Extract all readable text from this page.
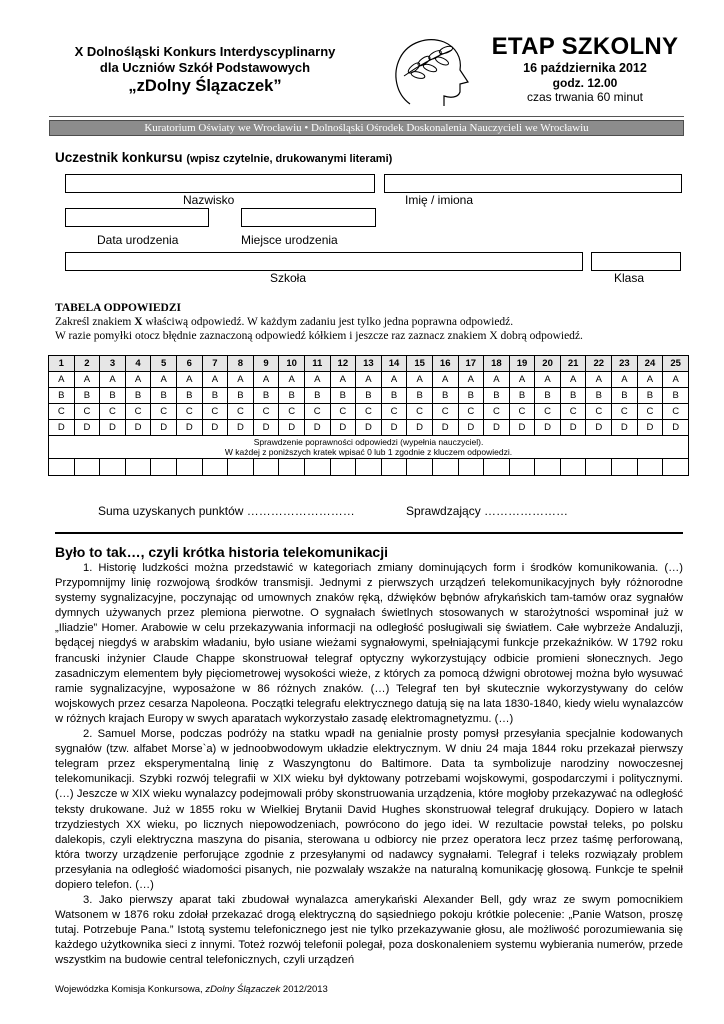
X Dolnośląski Konkurs Interdyscyplinarny
dla Uczniów Szkół Podstawowych
„zDolny Ślązaczek”
ETAP SZKOLNY
16 października 2012
godz. 12.00
czas trwania 60 minut
Kuratorium Oświaty we Wrocławiu • Dolnośląski Ośrodek Doskonalenia Nauczycieli we Wrocławiu
Uczestnik konkursu (wpisz czytelnie, drukowanymi literami)
Nazwisko	Imię / imiona
Data urodzenia	Miejsce urodzenia
Szkoła	Klasa
TABELA ODPOWIEDZI
Zakreśl znakiem X właściwą odpowiedź. W każdym zadaniu jest tylko jedna poprawna odpowiedź.
W razie pomyłki otocz błędnie zaznaczoną odpowiedź kółkiem i jeszcze raz zaznacz znakiem X dobrą odpowiedź.
1	2	3	4	5	6	7	8	9	10	11	12	13	14	15	16	17	18	19	20	21	22	23	24	25
A	A	A	A	A	A	A	A	A	A	A	A	A	A	A	A	A	A	A	A	A	A	A	A	A
B	B	B	B	B	B	B	B	B	B	B	B	B	B	B	B	B	B	B	B	B	B	B	B	B
C	C	C	C	C	C	C	C	C	C	C	C	C	C	C	C	C	C	C	C	C	C	C	C	C
D	D	D	D	D	D	D	D	D	D	D	D	D	D	D	D	D	D	D	D	D	D	D	D	D

Sprawdzenie poprawności odpowiedzi (wypełnia nauczyciel).
W każdej z poniższych kratek wpisać 0 lub 1 zgodnie z kluczem odpowiedzi.																								

Suma uzyskanych punktów ………………………	Sprawdzający …………………
Było to tak…, czyli krótka historia telekomunikacji

1. Historię ludzkości można przedstawić w kategoriach zmiany dominujących form i środków komunikowania. (…) Przypomnijmy linię rozwojową środków transmisji. Jednymi z pierwszych urządzeń telekomunikacyjnych były różnorodne systemy sygnalizacyjne, poczynając od umownych znaków ręką, dźwięków bębnów afrykańskich tam-tamów oraz sygnałów dymnych używanych przez plemiona pierwotne. O sygnałach świetlnych stosowanych w starożytności wspominał już w „Iliadzie” Homer. Arabowie w celu przekazywania informacji na odległość posługiwali się światłem. Całe wybrzeże Andaluzji, będącej niegdyś w arabskim władaniu, było usiane wieżami sygnałowymi, spełniającymi funkcje przekaźników. W 1792 roku francuski inżynier Claude Chappe skonstruował telegraf optyczny wykorzystujący odbicie promieni słonecznych. Jego zasadniczym elementem były pięciometrowej wysokości wieże, z których za pomocą dźwigni obrotowej można było wysuwać ramie sygnalizacyjne, wyposażone w 86 różnych znaków. (…) Telegraf ten był skutecznie wykorzystywany do celów wojskowych przez cesarza Napoleona. Początki telegrafu elektrycznego datują się na lata 1830-1840, kiedy wielu wynalazców w różnych krajach Europy w swych aparatach wykorzystało zasadę elektromagnetyzmu. (…)

2. Samuel Morse, podczas podróży na statku wpadł na genialnie prosty pomysł przesyłania specjalnie kodowanych sygnałów (tzw. alfabet Morse`a) w jednoobwodowym układzie elektrycznym. W dniu 24 maja 1844 roku przekazał pierwszy telegram przez eksperymentalną linię z Waszyngtonu do Baltimore. Data ta symbolizuje narodziny nowoczesnej telekomunikacji. Szybki rozwój telegrafii w XIX wieku był dyktowany potrzebami wojskowymi, gospodarczymi i politycznymi. (…) Jeszcze w XIX wieku wynalazcy podejmowali próby skonstruowania urządzenia, które mogłoby przekazywać na odległość teksty drukowane. Już w 1855 roku w Wielkiej Brytanii David Hughes skonstruował telegraf drukujący. Dopiero w latach trzydziestych XX wieku, po licznych niepowodzeniach, powrócono do jego idei. W rezultacie powstał teleks, po polsku dalekopis, czyli elektryczna maszyna do pisania, sterowana u odbiorcy nie przez operatora lecz przez taśmę perforowaną, która tworzy urządzenie perforujące zgodnie z przesyłanymi od nadawcy sygnałami. Telegraf i teleks rozwiązały problem przesyłania na odległość wiadomości pisanych, nie pozwalały wszakże na naturalną komunikację głosową. Funkcje te spełnił dopiero telefon. (…)

3. Jako pierwszy aparat taki zbudował wynalazca amerykański Alexander Bell, gdy wraz ze swym pomocnikiem Watsonem w 1876 roku zdołał przekazać drogą elektryczną do sąsiedniego pokoju krótkie polecenie: „Panie Watson, proszę tutaj. Potrzebuje Pana.” Istotą systemu telefonicznego jest nie tylko przekazywanie głosu, ale możliwość porozumiewania się każdego użytkownika sieci z innymi. Toteż rozwój telefonii polegał, poza doskonaleniem systemu wybierania numerów, przede wszystkim na budowie central telefonicznych, czyli urządzeń

Wojewódzka Komisja Konkursowa, zDolny Ślązaczek 2012/2013
